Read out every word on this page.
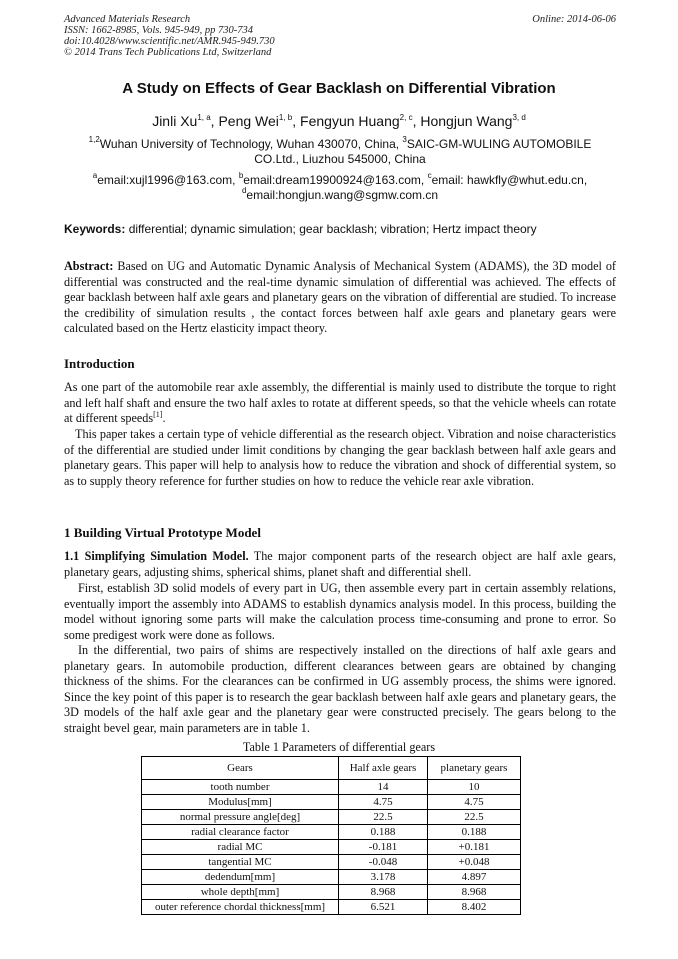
Advanced Materials Research
ISSN: 1662-8985, Vols. 945-949, pp 730-734
doi:10.4028/www.scientific.net/AMR.945-949.730
© 2014 Trans Tech Publications Ltd, Switzerland
Online: 2014-06-06
A Study on Effects of Gear Backlash on Differential Vibration
Jinli Xu$^{1, a}$, Peng Wei$^{1, b}$, Fengyun Huang$^{2, c}$, Hongjun Wang$^{3, d}$
$^{1,2}$Wuhan University of Technology, Wuhan 430070, China, $^3$SAIC-GM-WULING AUTOMOBILE CO.Ltd., Liuzhou 545000, China
$^a$email:xujl1996@163.com, $^b$email:dream19900924@163.com, $^c$email: hawkfly@whut.edu.cn,
$^d$email:hongjun.wang@sgmw.com.cn
Keywords: differential; dynamic simulation; gear backlash; vibration; Hertz impact theory
Abstract: Based on UG and Automatic Dynamic Analysis of Mechanical System (ADAMS), the 3D model of differential was constructed and the real-time dynamic simulation of differential was achieved. The effects of gear backlash between half axle gears and planetary gears on the vibration of differential are studied. To increase the credibility of simulation results , the contact forces between half axle gears and planetary gears were calculated based on the Hertz elasticity impact theory.
Introduction
As one part of the automobile rear axle assembly, the differential is mainly used to distribute the torque to right and left half shaft and ensure the two half axles to rotate at different speeds, so that the vehicle wheels can rotate at different speeds[1].
This paper takes a certain type of vehicle differential as the research object. Vibration and noise characteristics of the differential are studied under limit conditions by changing the gear backlash between half axle gears and planetary gears. This paper will help to analysis how to reduce the vibration and shock of differential system, so as to supply theory reference for further studies on how to reduce the vehicle rear axle vibration.
1 Building Virtual Prototype Model
1.1 Simplifying Simulation Model. The major component parts of the research object are half axle gears, planetary gears, adjusting shims, spherical shims, planet shaft and differential shell.
First, establish 3D solid models of every part in UG, then assemble every part in certain assembly relations, eventually import the assembly into ADAMS to establish dynamics analysis model. In this process, building the model without ignoring some parts will make the calculation process time-consuming and prone to error. So some predigest work were done as follows.
In the differential, two pairs of shims are respectively installed on the directions of half axle gears and planetary gears. In automobile production, different clearances between gears are obtained by changing thickness of the shims. For the clearances can be confirmed in UG assembly process, the shims were ignored. Since the key point of this paper is to research the gear backlash between half axle gears and planetary gears, the 3D models of the half axle gear and the planetary gear were constructed precisely. The gears belong to the straight bevel gear, main parameters are in table 1.
Table 1 Parameters of differential gears
Gears	Half axle gears	planetary gears
tooth number	14	10
Modulus[mm]	4.75	4.75
normal pressure angle[deg]	22.5	22.5
radial clearance factor	0.188	0.188
radial MC	-0.181	+0.181
tangential MC	-0.048	+0.048
dedendum[mm]	3.178	4.897
whole depth[mm]	8.968	8.968
outer reference chordal thickness[mm]	6.521	8.402
